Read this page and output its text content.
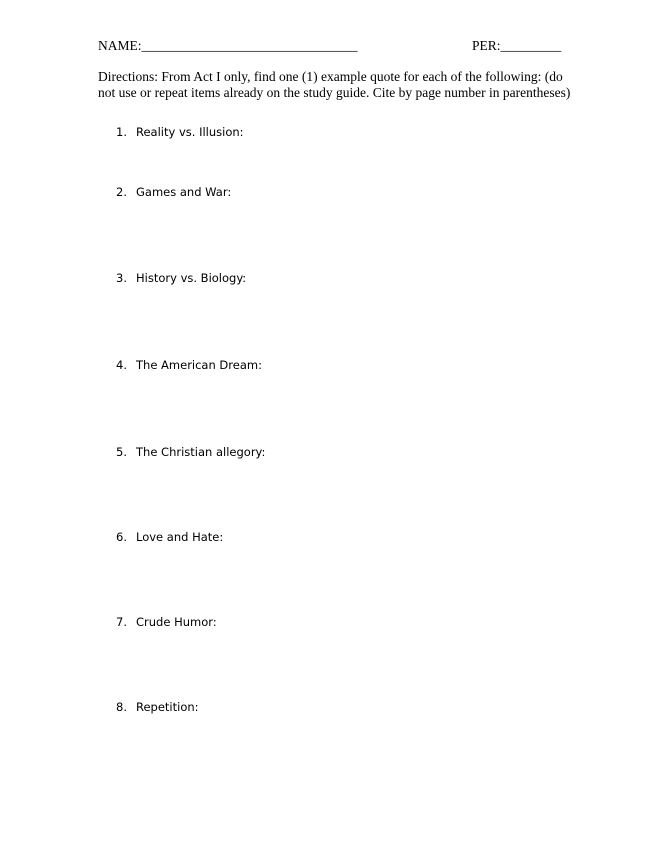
NAME:________________________________	PER:_________
Directions: From Act I only, find one (1) example quote for each of the following: (do
not use or repeat items already on the study guide. Cite by page number in parentheses)
1. Reality vs. Illusion:
2. Games and War:
3. History vs. Biology:
4. The American Dream:
5. The Christian allegory:
6. Love and Hate:
7. Crude Humor:
8. Repetition:
